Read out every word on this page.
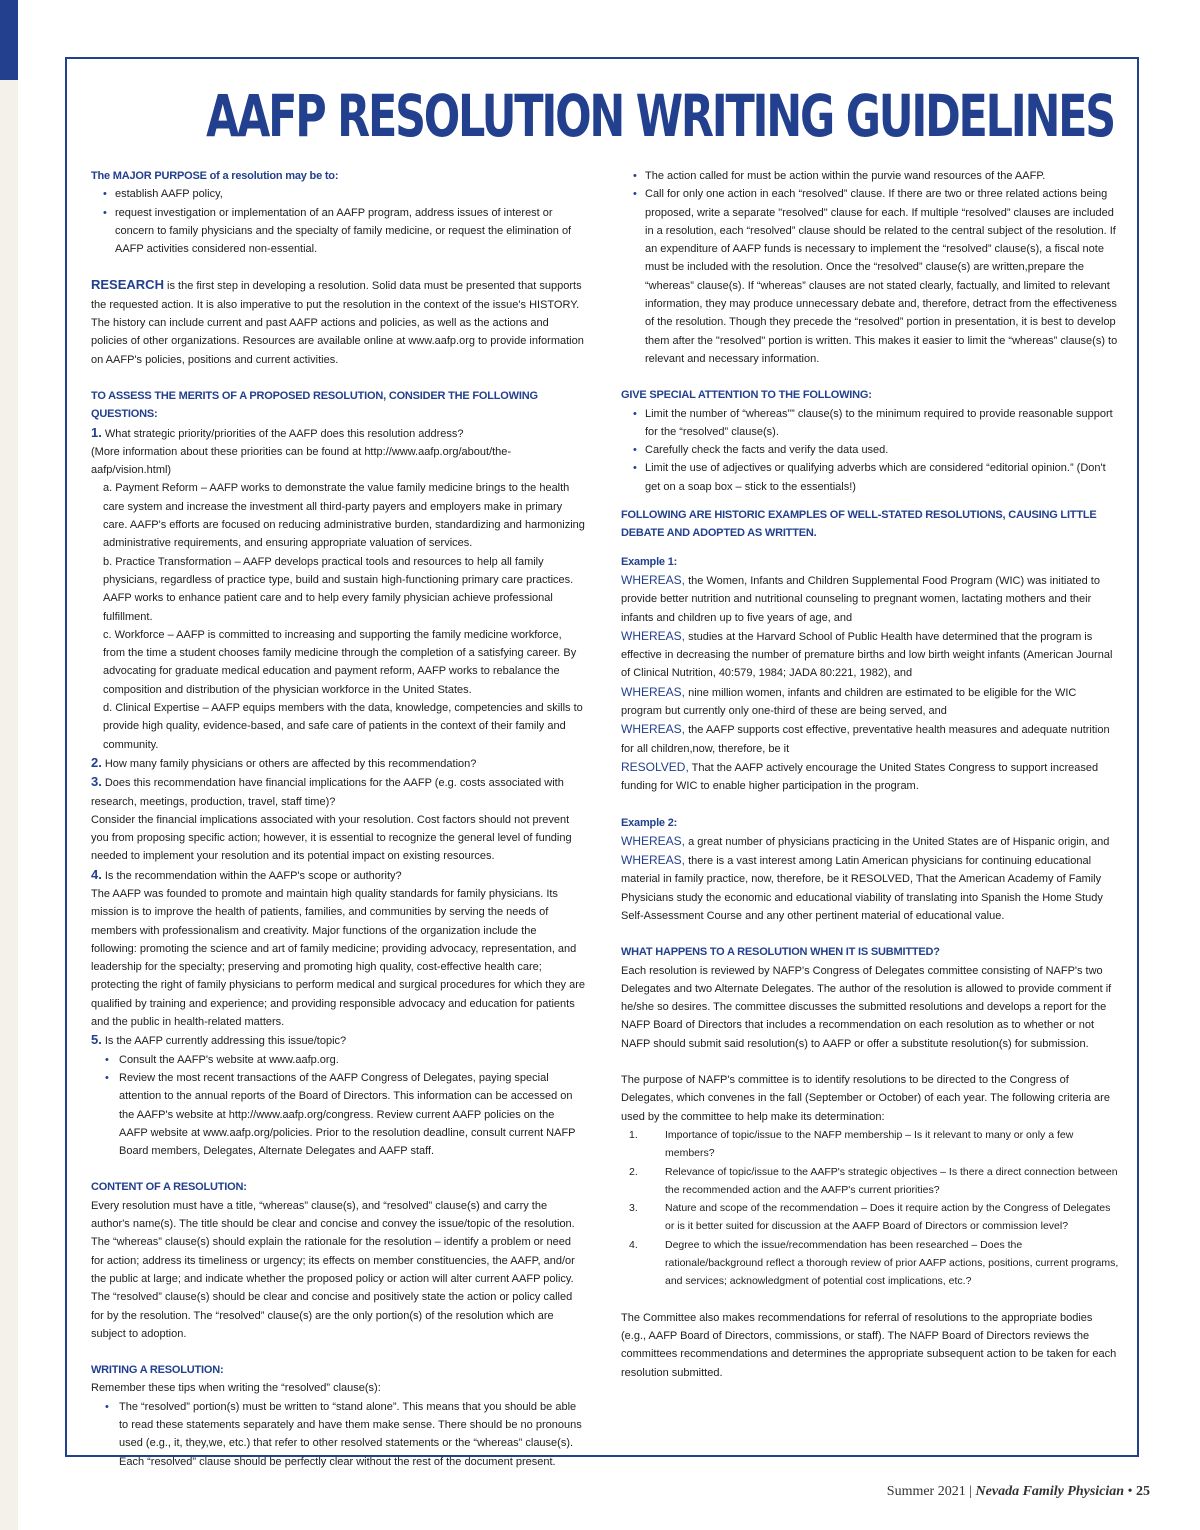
AAFP RESOLUTION WRITING GUIDELINES

The MAJOR PURPOSE of a resolution may be to:

• establish AAFP policy,
• request investigation or implementation of an AAFP program, address issues of interest or concern to family physicians and the specialty of family medicine, or request the elimination of AAFP activities considered non-essential.

RESEARCH is the first step in developing a resolution. Solid data must be presented that supports the requested action. It is also imperative to put the resolution in the context of the issue's HISTORY. The history can include current and past AAFP actions and policies, as well as the actions and policies of other organizations. Resources are available online at www.aafp.org to provide information on AAFP's policies, positions and current activities.

TO ASSESS THE MERITS OF A PROPOSED RESOLUTION, CONSIDER THE FOLLOWING QUESTIONS:

1. What strategic priority/priorities of the AAFP does this resolution address?

(More information about these priorities can be found at http://www.aafp.org/about/the-aafp/vision.html)

a. Payment Reform – AAFP works to demonstrate the value family medicine brings to the health care system and increase the investment all third-party payers and employers make in primary care. AAFP's efforts are focused on reducing administrative burden, standardizing and harmonizing administrative requirements, and ensuring appropriate valuation of services.

b. Practice Transformation – AAFP develops practical tools and resources to help all family physicians, regardless of practice type, build and sustain high-functioning primary care practices. AAFP works to enhance patient care and to help every family physician achieve professional fulfillment.

c. Workforce – AAFP is committed to increasing and supporting the family medicine workforce, from the time a student chooses family medicine through the completion of a satisfying career. By advocating for graduate medical education and payment reform, AAFP works to rebalance the composition and distribution of the physician workforce in the United States.

d. Clinical Expertise – AAFP equips members with the data, knowledge, competencies and skills to provide high quality, evidence-based, and safe care of patients in the context of their family and community.

2. How many family physicians or others are affected by this recommendation?

3. Does this recommendation have financial implications for the AAFP (e.g. costs associated with research, meetings, production, travel, staff time)?

Consider the financial implications associated with your resolution. Cost factors should not prevent you from proposing specific action; however, it is essential to recognize the general level of funding needed to implement your resolution and its potential impact on existing resources.

4. Is the recommendation within the AAFP's scope or authority?

The AAFP was founded to promote and maintain high quality standards for family physicians. Its mission is to improve the health of patients, families, and communities by serving the needs of members with professionalism and creativity. Major functions of the organization include the following: promoting the science and art of family medicine; providing advocacy, representation, and leadership for the specialty; preserving and promoting high quality, cost-effective health care; protecting the right of family physicians to perform medical and surgical procedures for which they are qualified by training and experience; and providing responsible advocacy and education for patients and the public in health-related matters.

5. Is the AAFP currently addressing this issue/topic?

• Consult the AAFP's website at www.aafp.org.
• Review the most recent transactions of the AAFP Congress of Delegates, paying special attention to the annual reports of the Board of Directors. This information can be accessed on the AAFP's website at http://www.aafp.org/congress. Review current AAFP policies on the AAFP website at www.aafp.org/policies. Prior to the resolution deadline, consult current NAFP Board members, Delegates, Alternate Delegates and AAFP staff.

CONTENT OF A RESOLUTION:

Every resolution must have a title, “whereas” clause(s), and “resolved” clause(s) and carry the author's name(s). The title should be clear and concise and convey the issue/topic of the resolution. The “whereas” clause(s) should explain the rationale for the resolution – identify a problem or need for action; address its timeliness or urgency; its effects on member constituencies, the AAFP, and/or the public at large; and indicate whether the proposed policy or action will alter current AAFP policy. The “resolved” clause(s) should be clear and concise and positively state the action or policy called for by the resolution. The “resolved” clause(s) are the only portion(s) of the resolution which are subject to adoption.

WRITING A RESOLUTION:

Remember these tips when writing the “resolved” clause(s):

• The “resolved” portion(s) must be written to “stand alone”. This means that you should be able to read these statements separately and have them make sense. There should be no pronouns used (e.g., it, they,we, etc.) that refer to other resolved statements or the “whereas” clause(s). Each “resolved” clause should be perfectly clear without the rest of the document present.
• The action called for must be action within the purvie wand resources of the AAFP.
• Call for only one action in each “resolved” clause. If there are two or three related actions being proposed, write a separate "resolved" clause for each. If multiple “resolved” clauses are included in a resolution, each “resolved” clause should be related to the central subject of the resolution. If an expenditure of AAFP funds is necessary to implement the “resolved” clause(s), a fiscal note must be included with the resolution. Once the “resolved” clause(s) are written,prepare the “whereas” clause(s). If “whereas” clauses are not stated clearly, factually, and limited to relevant information, they may produce unnecessary debate and, therefore, detract from the effectiveness of the resolution. Though they precede the “resolved” portion in presentation, it is best to develop them after the "resolved" portion is written. This makes it easier to limit the “whereas” clause(s) to relevant and necessary information.

GIVE SPECIAL ATTENTION TO THE FOLLOWING:

• Limit the number of “whereas”” clause(s) to the minimum required to provide reasonable support for the “resolved” clause(s).
• Carefully check the facts and verify the data used.
• Limit the use of adjectives or qualifying adverbs which are considered “editorial opinion.” (Don't get on a soap box – stick to the essentials!)

FOLLOWING ARE HISTORIC EXAMPLES OF WELL-STATED RESOLUTIONS, CAUSING LITTLE DEBATE AND ADOPTED AS WRITTEN.

Example 1:

WHEREAS, the Women, Infants and Children Supplemental Food Program (WIC) was initiated to provide better nutrition and nutritional counseling to pregnant women, lactating mothers and their infants and children up to five years of age, and

WHEREAS, studies at the Harvard School of Public Health have determined that the program is effective in decreasing the number of premature births and low birth weight infants (American Journal of Clinical Nutrition, 40:579, 1984; JADA 80:221, 1982), and

WHEREAS, nine million women, infants and children are estimated to be eligible for the WIC program but currently only one-third of these are being served, and

WHEREAS, the AAFP supports cost effective, preventative health measures and adequate nutrition for all children,now, therefore, be it

RESOLVED, That the AAFP actively encourage the United States Congress to support increased funding for WIC to enable higher participation in the program.

Example 2:

WHEREAS, a great number of physicians practicing in the United States are of Hispanic origin, and

WHEREAS, there is a vast interest among Latin American physicians for continuing educational material in family practice, now, therefore, be it RESOLVED, That the American Academy of Family Physicians study the economic and educational viability of translating into Spanish the Home Study Self-Assessment Course and any other pertinent material of educational value.

WHAT HAPPENS TO A RESOLUTION WHEN IT IS SUBMITTED?

Each resolution is reviewed by NAFP's Congress of Delegates committee consisting of NAFP's two Delegates and two Alternate Delegates. The author of the resolution is allowed to provide comment if he/she so desires. The committee discusses the submitted resolutions and develops a report for the NAFP Board of Directors that includes a recommendation on each resolution as to whether or not NAFP should submit said resolution(s) to AAFP or offer a substitute resolution(s) for submission.

The purpose of NAFP's committee is to identify resolutions to be directed to the Congress of Delegates, which convenes in the fall (September or October) of each year. The following criteria are used by the committee to help make its determination:

1.	Importance of topic/issue to the NAFP membership – Is it relevant to many or only a few members?
2.	Relevance of topic/issue to the AAFP's strategic objectives – Is there a direct connection between the recommended action and the AAFP's current priorities?
3.	Nature and scope of the recommendation – Does it require action by the Congress of Delegates or is it better suited for discussion at the AAFP Board of Directors or commission level?
4.	Degree to which the issue/recommendation has been researched – Does the rationale/background reflect a thorough review of prior AAFP actions, positions, current programs, and services; acknowledgment of potential cost implications, etc.?

The Committee also makes recommendations for referral of resolutions to the appropriate bodies (e.g., AAFP Board of Directors, commissions, or staff). The NAFP Board of Directors reviews the committees recommendations and determines the appropriate subsequent action to be taken for each resolution submitted.

Summer 2021 | Nevada Family Physician • 25
